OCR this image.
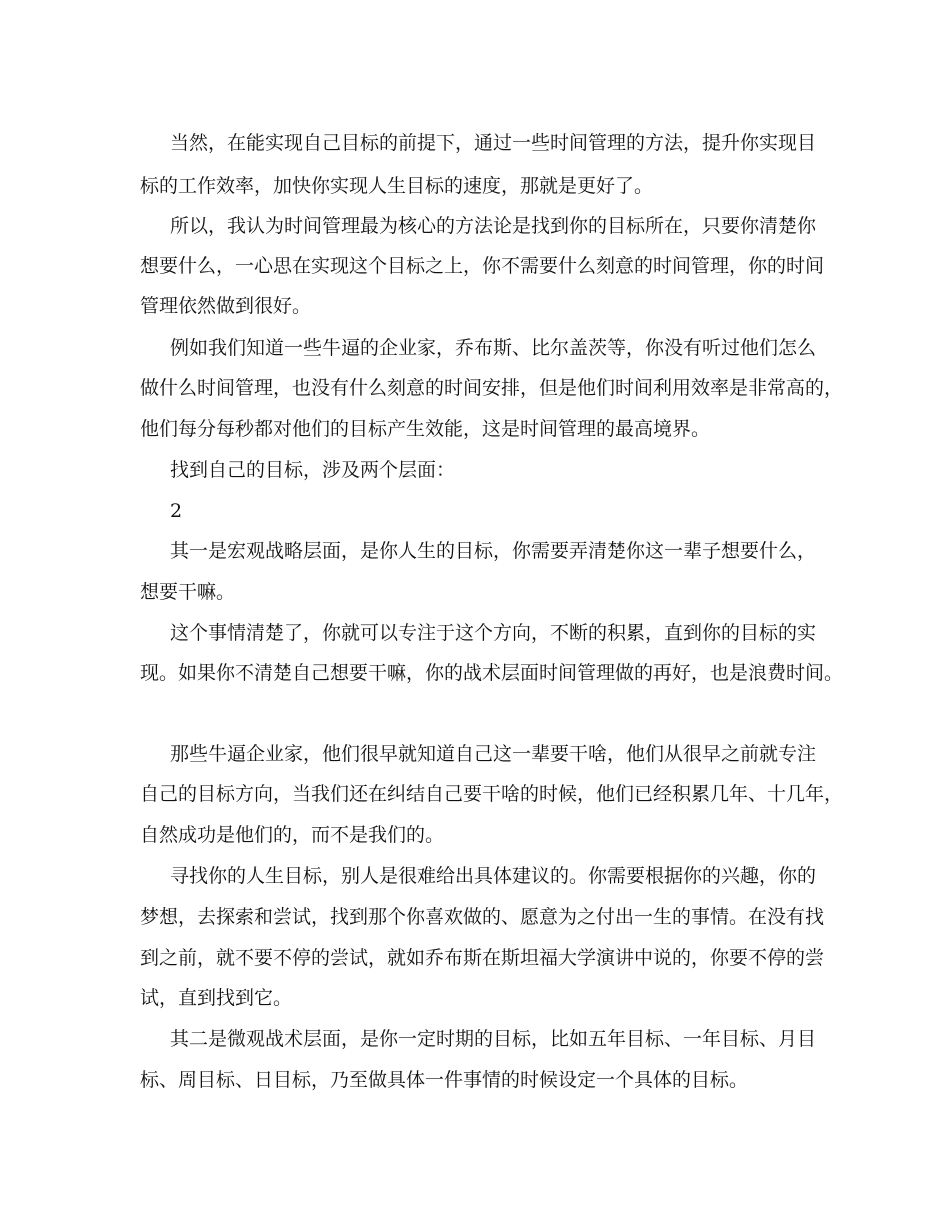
当然，在能实现自己目标的前提下，通过一些时间管理的方法，提升你实现目
标的工作效率，加快你实现人生目标的速度，那就是更好了。
所以，我认为时间管理最为核心的方法论是找到你的目标所在，只要你清楚你
想要什么，一心思在实现这个目标之上，你不需要什么刻意的时间管理，你的时间
管理依然做到很好。
例如我们知道一些牛逼的企业家，乔布斯、比尔盖茨等，你没有听过他们怎么
做什么时间管理，也没有什么刻意的时间安排，但是他们时间利用效率是非常高的，
他们每分每秒都对他们的目标产生效能，这是时间管理的最高境界。
找到自己的目标，涉及两个层面：
2
其一是宏观战略层面，是你人生的目标，你需要弄清楚你这一辈子想要什么，
想要干嘛。
这个事情清楚了，你就可以专注于这个方向，不断的积累，直到你的目标的实
现。如果你不清楚自己想要干嘛，你的战术层面时间管理做的再好，也是浪费时间。
那些牛逼企业家，他们很早就知道自己这一辈要干啥，他们从很早之前就专注
自己的目标方向，当我们还在纠结自己要干啥的时候，他们已经积累几年、十几年，
自然成功是他们的，而不是我们的。
寻找你的人生目标，别人是很难给出具体建议的。你需要根据你的兴趣，你的
梦想，去探索和尝试，找到那个你喜欢做的、愿意为之付出一生的事情。在没有找
到之前，就不要不停的尝试，就如乔布斯在斯坦福大学演讲中说的，你要不停的尝
试，直到找到它。
其二是微观战术层面，是你一定时期的目标，比如五年目标、一年目标、月目
标、周目标、日目标，乃至做具体一件事情的时候设定一个具体的目标。
